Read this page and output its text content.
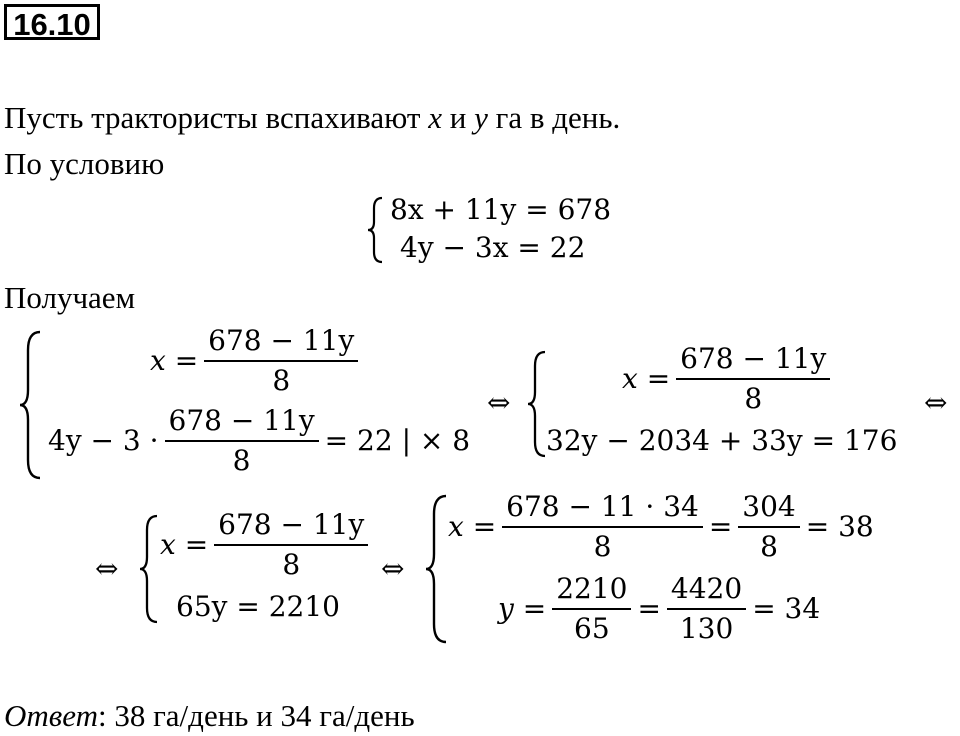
16.10
Пусть трактористы вспахивают x и y га в день.
По условию
8x + 11y = 678
4y − 3x = 22
Получаем
$x = \frac{678 - 11y}{8}$
$4y - 3 \cdot \frac{678 - 11y}{8} = 22$ | × 8
⇔
$x = \frac{678 - 11y}{8}$
32y − 2034 + 33y = 176
⇔
⇔
$x = \frac{678 - 11y}{8}$
65y = 2210
⇔
$x = \frac{678 - 11 \cdot 34}{8} = \frac{304}{8} = 38$
$y = \frac{2210}{65} = \frac{4420}{130} = 34$
Ответ: 38 га/день и 34 га/день
